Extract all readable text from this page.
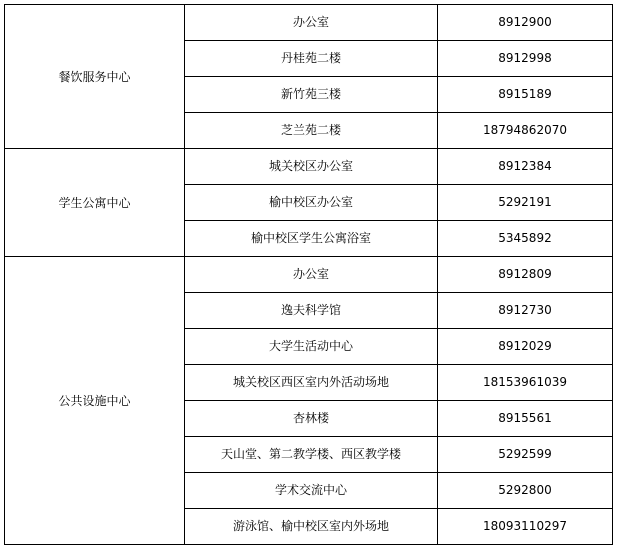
餐饮服务中心	办公室	8912900
	丹桂苑二楼	8912998
	新竹苑三楼	8915189
	芝兰苑二楼	18794862070
学生公寓中心	城关校区办公室	8912384
	榆中校区办公室	5292191
	榆中校区学生公寓浴室	5345892
公共设施中心	办公室	8912809
	逸夫科学馆	8912730
	大学生活动中心	8912029
	城关校区西区室内外活动场地	18153961039
	杏林楼	8915561
	天山堂、第二教学楼、西区教学楼	5292599
	学术交流中心	5292800
	游泳馆、榆中校区室内外场地	18093110297
